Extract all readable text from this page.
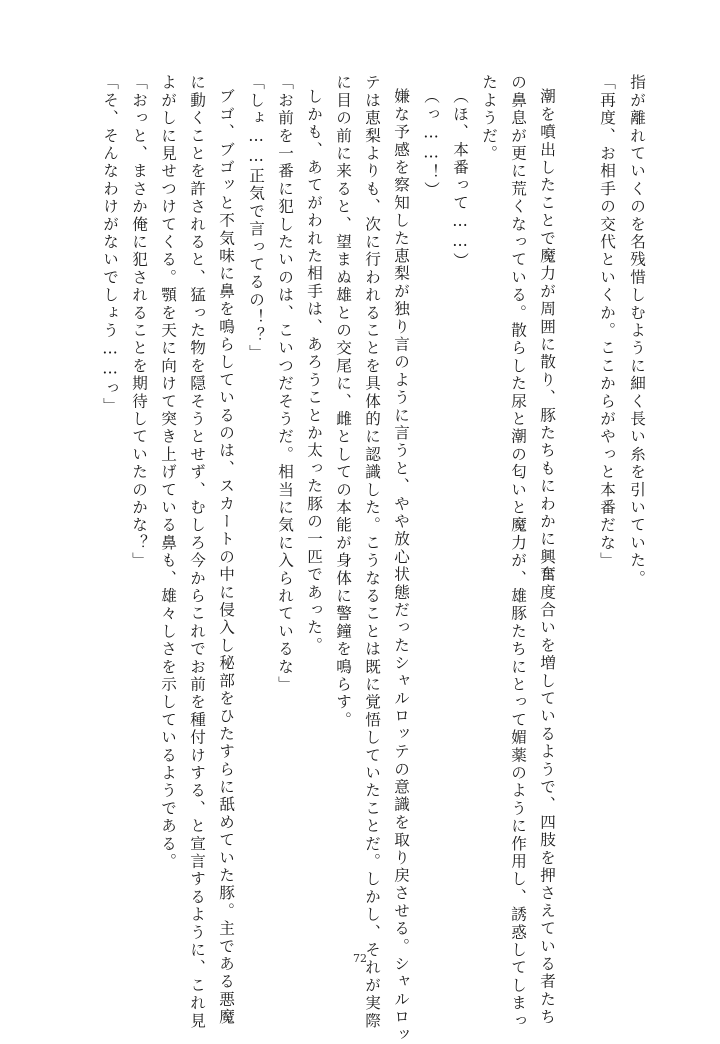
指が離れていくのを名残惜しむように細く長い糸を引いていた。
「再度、お相手の交代といくか。ここからがやっと本番だな」
潮を噴出したことで魔力が周囲に散り、豚たちもにわかに興奮度合いを増しているようで、四肢を押さえている者たち
の鼻息が更に荒くなっている。散らした尿と潮の匂いと魔力が、雄豚たちにとって媚薬のように作用し、誘惑してしまっ
たようだ。
（ほ、本番って……）
（っ……！）
嫌な予感を察知した恵梨が独り言のように言うと、やや放心状態だったシャルロッテの意識を取り戻させる。シャルロッ
テは恵梨よりも、次に行われることを具体的に認識した。こうなることは既に覚悟していたことだ。しかし、それが実際
に目の前に来ると、望まぬ雄との交尾に、雌としての本能が身体に警鐘を鳴らす。
しかも、あてがわれた相手は、あろうことか太った豚の一匹であった。
「お前を一番に犯したいのは、こいつだそうだ。相当に気に入られているな」
「しょ……正気で言ってるの！？」
ブゴ、ブゴッと不気味に鼻を鳴らしているのは、スカートの中に侵入し秘部をひたすらに舐めていた豚。主である悪魔
に動くことを許されると、猛った物を隠そうとせず、むしろ今からこれでお前を種付けする、と宣言するように、これ見
よがしに見せつけてくる。顎を天に向けて突き上げている鼻も、雄々しさを示しているようである。
「おっと、まさか俺に犯されることを期待していたのかな？」
「そ、そんなわけがないでしょう……っ」
72
